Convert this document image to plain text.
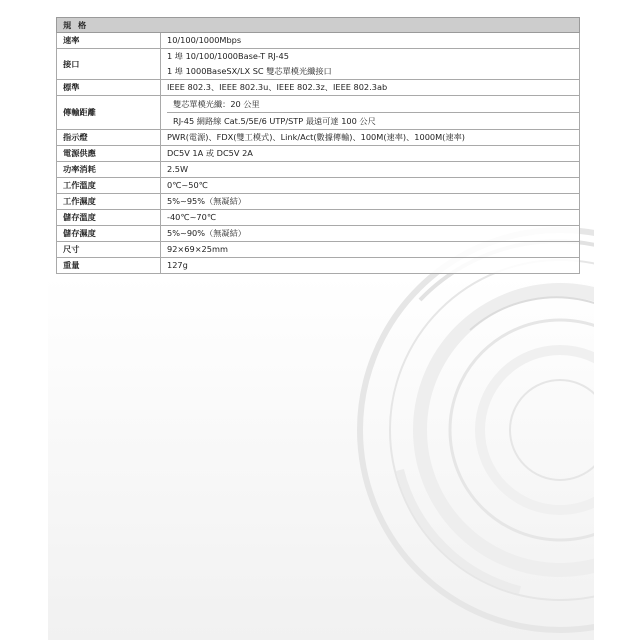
規 格	
速率	10/100/1000Mbps
接口	1 埠 10/100/1000Base-T RJ-45
1 埠 1000BaseSX/LX SC 雙芯單模光纖接口

標準	IEEE 802.3、IEEE 802.3u、IEEE 802.3z、IEEE 802.3ab
傳輸距離	雙芯單模光纖：20 公里
RJ-45 網路線 Cat.5/5E/6 UTP/STP 最遠可達 100 公尺

指示燈	PWR(電源)、FDX(雙工模式)、Link/Act(數據傳輸)、100M(速率)、1000M(速率)
電源供應	DC5V 1A 或 DC5V 2A
功率消耗	2.5W
工作溫度	0℃~50℃
工作濕度	5%~95%（無凝結）
儲存溫度	-40℃~70℃
儲存濕度	5%~90%（無凝結）
尺寸	92×69×25mm
重量	127g
